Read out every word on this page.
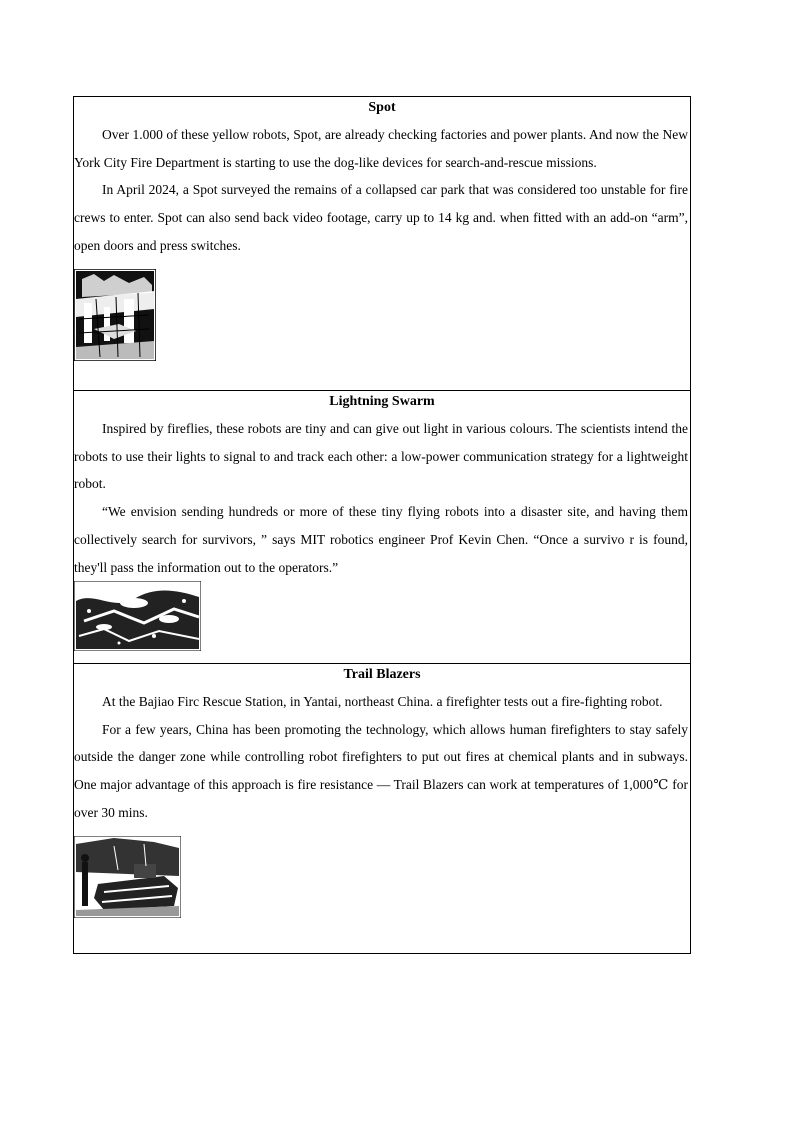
Spot

Over 1.000 of these yellow robots, Spot, are already checking factories and power plants. And now the New York City Fire Department is starting to use the dog-like devices for search-and-rescue missions.

In April 2024, a Spot surveyed the remains of a collapsed car park that was considered too unstable for fire crews to enter. Spot can also send back video footage, carry up to 14 kg and. when fitted with an add-on “arm”, open doors and press switches.

Lightning Swarm

Inspired by fireflies, these robots are tiny and can give out light in various colours. The scientists intend the robots to use their lights to signal to and track each other: a low-power communication strategy for a lightweight robot.

“We envision sending hundreds or more of these tiny flying robots into a disaster site, and having them collectively search for survivors, ” says MIT robotics engineer Prof Kevin Chen. “Once a survivo r is found, they'll pass the information out to the operators.”

Trail Blazers

At the Bajiao Firc Rescue Station, in Yantai, northeast China. a firefighter tests out a fire-fighting robot.

For a few years, China has been promoting the technology, which allows human firefighters to stay safely outside the danger zone while controlling robot firefighters to put out fires at chemical plants and in subways. One major advantage of this approach is fire resistance — Trail Blazers can work at temperatures of 1,000℃ for over 30 mins.
